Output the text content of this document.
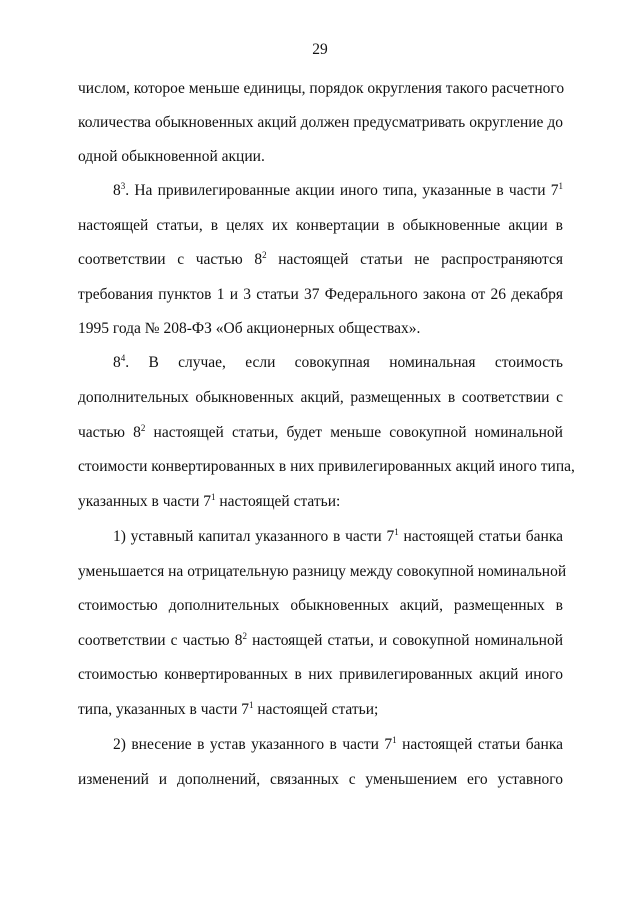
29
числом, которое меньше единицы, порядок округления такого расчетного
количества обыкновенных акций должен предусматривать округление до
одной обыкновенной акции.
$8^3$. На привилегированные акции иного типа, указанные в части $7^1$
настоящей статьи, в целях их конвертации в обыкновенные акции в
соответствии с частью $8^2$ настоящей статьи не распространяются
требования пунктов 1 и 3 статьи 37 Федерального закона от 26 декабря
1995 года № 208-ФЗ «Об акционерных обществах».
$8^4$. В случае, если совокупная номинальная стоимость
дополнительных обыкновенных акций, размещенных в соответствии с
частью $8^2$ настоящей статьи, будет меньше совокупной номинальной
стоимости конвертированных в них привилегированных акций иного типа,
указанных в части $7^1$ настоящей статьи:
1) уставный капитал указанного в части $7^1$ настоящей статьи банка
уменьшается на отрицательную разницу между совокупной номинальной
стоимостью дополнительных обыкновенных акций, размещенных в
соответствии с частью $8^2$ настоящей статьи, и совокупной номинальной
стоимостью конвертированных в них привилегированных акций иного
типа, указанных в части $7^1$ настоящей статьи;
2) внесение в устав указанного в части $7^1$ настоящей статьи банка
изменений и дополнений, связанных с уменьшением его уставного
